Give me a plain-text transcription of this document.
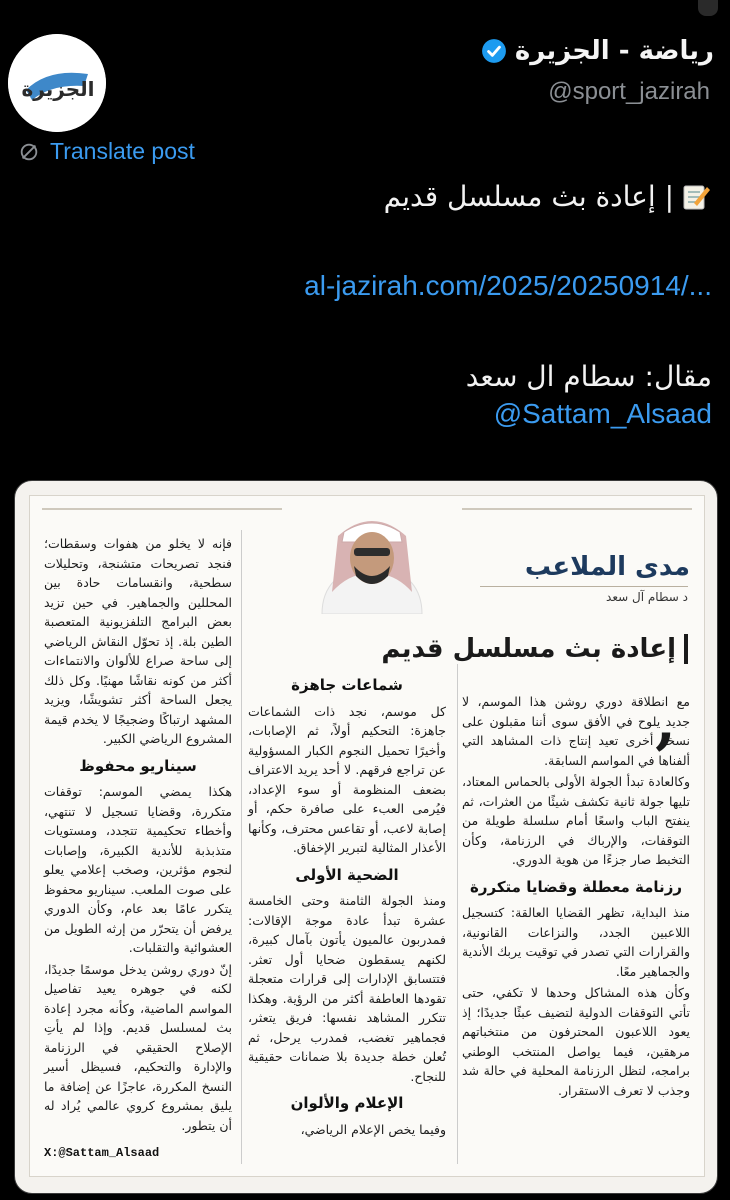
الجزيرة
رياضة - الجزيرة
@sport_jazirah
Translate post
| إعادة بث مسلسل قديم
al-jazirah.com/2025/20250914/...
مقال: سطام ال سعد
@Sattam_Alsaad
مدى الملاعب
د سطام آل سعد
إعادة بث مسلسل قديم
,

مع انطلاقة دوري روشن هذا الموسم، لا جديد يلوح في الأفق سوى أننا مقبلون على نسخة أخرى تعيد إنتاج ذات المشاهد التي ألفناها في المواسم السابقة.

وكالعادة تبدأ الجولة الأولى بالحماس المعتاد، تليها جولة ثانية تكشف شيئًا من العثرات، ثم ينفتح الباب واسعًا أمام سلسلة طويلة من التوقفات، والإرباك في الرزنامة، وكأن التخبط صار جزءًا من هوية الدوري.

رزنامة معطلة وقضايا متكررة

منذ البداية، تظهر القضايا العالقة: كتسجيل اللاعبين الجدد، والنزاعات القانونية، والقرارات التي تصدر في توقيت يربك الأندية والجماهير معًا.

وكأن هذه المشاكل وحدها لا تكفي، حتى تأتي التوقفات الدولية لتضيف عبئًا جديدًا؛ إذ يعود اللاعبون المحترفون من منتخباتهم مرهقين، فيما يواصل المنتخب الوطني برامجه، لتظل الرزنامة المحلية في حالة شد وجذب لا تعرف الاستقرار.

شماعات جاهزة

كل موسم، نجد ذات الشماعات جاهزة: التحكيم أولاً، ثم الإصابات، وأخيرًا تحميل النجوم الكبار المسؤولية عن تراجع فرقهم. لا أحد يريد الاعتراف بضعف المنظومة أو سوء الإعداد، فيُرمى العبء على صافرة حكم، أو إصابة لاعب، أو تقاعس محترف، وكأنها الأعذار المثالية لتبرير الإخفاق.

الضحية الأولى

ومنذ الجولة الثامنة وحتى الخامسة عشرة تبدأ عادة موجة الإقالات: فمدربون عالميون يأتون بآمال كبيرة، لكنهم يسقطون ضحايا أول تعثر. فتتسابق الإدارات إلى قرارات متعجلة تقودها العاطفة أكثر من الرؤية. وهكذا تتكرر المشاهد نفسها: فريق يتعثر، فجماهير تغضب، فمدرب يرحل، ثم تُعلن خطة جديدة بلا ضمانات حقيقية للنجاح.

الإعلام والألوان

وفيما يخص الإعلام الرياضي،

فإنه لا يخلو من هفوات وسقطات؛ فنجد تصريحات متشنجة، وتحليلات سطحية، وانقسامات حادة بين المحللين والجماهير. في حين تزيد بعض البرامج التلفزيونية المتعصبة الطين بلة. إذ تحوّل النقاش الرياضي إلى ساحة صراع للألوان والانتماءات أكثر من كونه نقاشًا مهنيًا. وكل ذلك يجعل الساحة أكثر تشويشًا، ويزيد المشهد ارتباكًا وضجيجًا لا يخدم قيمة المشروع الرياضي الكبير.

سيناريو محفوظ

هكذا يمضي الموسم: توقفات متكررة، وقضايا تسجيل لا تنتهي، وأخطاء تحكيمية تتجدد، ومستويات متذبذبة للأندية الكبيرة، وإصابات لنجوم مؤثرين، وصخب إعلامي يعلو على صوت الملعب. سيناريو محفوظ يتكرر عامًا بعد عام، وكأن الدوري يرفض أن يتحرّر من إرثه الطويل من العشوائية والتقلبات.

إنّ دوري روشن يدخل موسمًا جديدًا، لكنه في جوهره يعيد تفاصيل المواسم الماضية، وكأنه مجرد إعادة بث لمسلسل قديم. وإذا لم يأتِ الإصلاح الحقيقي في الرزنامة والإدارة والتحكيم، فسيظل أسير النسخ المكررة، عاجزًا عن إضافة ما يليق بمشروع كروي عالمي يُراد له أن يتطور.

X:@Sattam_Alsaad
